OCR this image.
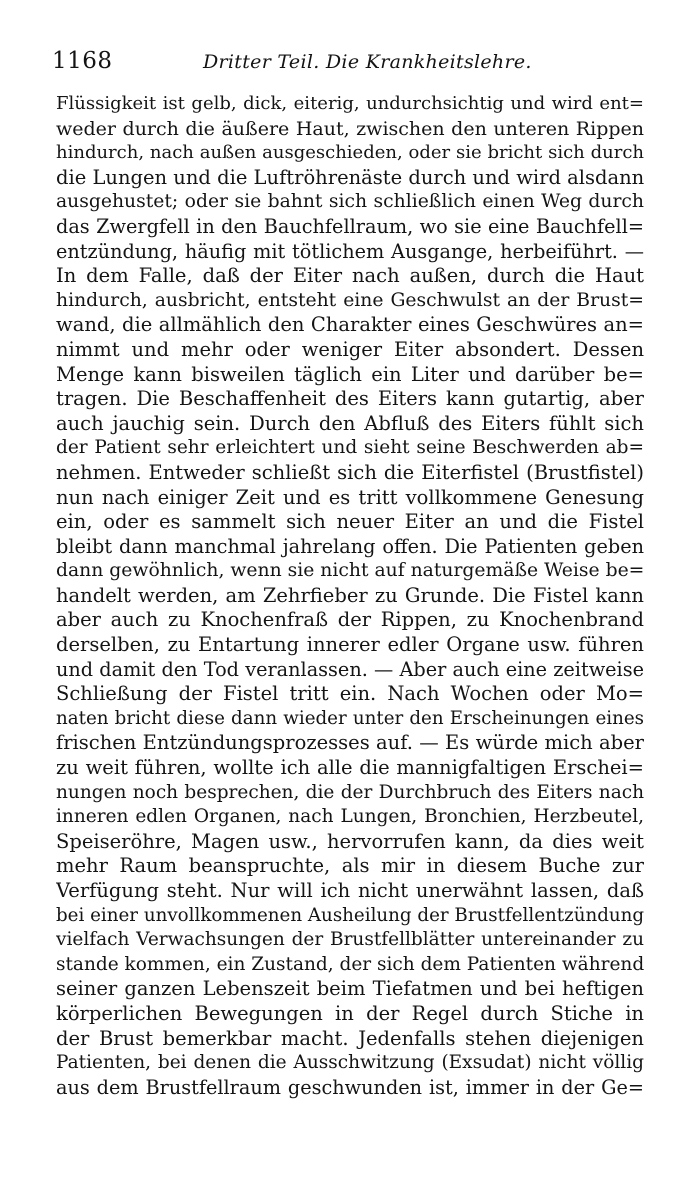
1168	Dritter Teil. Die Krankheitslehre.
Flüssigkeit ist gelb, dick, eiterig, undurchsichtig und wird ent=
weder durch die äußere Haut, zwischen den unteren Rippen
hindurch, nach außen ausgeschieden, oder sie bricht sich durch
die Lungen und die Luftröhrenäste durch und wird alsdann
ausgehustet; oder sie bahnt sich schließlich einen Weg durch
das Zwergfell in den Bauchfellraum, wo sie eine Bauchfell=
entzündung, häufig mit tötlichem Ausgange, herbeiführt. —
In dem Falle, daß der Eiter nach außen, durch die Haut
hindurch, ausbricht, entsteht eine Geschwulst an der Brust=
wand, die allmählich den Charakter eines Geschwüres an=
nimmt und mehr oder weniger Eiter absondert. Dessen
Menge kann bisweilen täglich ein Liter und darüber be=
tragen. Die Beschaffenheit des Eiters kann gutartig, aber
auch jauchig sein. Durch den Abfluß des Eiters fühlt sich
der Patient sehr erleichtert und sieht seine Beschwerden ab=
nehmen. Entweder schließt sich die Eiterfistel (Brustfistel)
nun nach einiger Zeit und es tritt vollkommene Genesung
ein, oder es sammelt sich neuer Eiter an und die Fistel
bleibt dann manchmal jahrelang offen. Die Patienten geben
dann gewöhnlich, wenn sie nicht auf naturgemäße Weise be=
handelt werden, am Zehrfieber zu Grunde. Die Fistel kann
aber auch zu Knochenfraß der Rippen, zu Knochenbrand
derselben, zu Entartung innerer edler Organe usw. führen
und damit den Tod veranlassen. — Aber auch eine zeitweise
Schließung der Fistel tritt ein. Nach Wochen oder Mo=
naten bricht diese dann wieder unter den Erscheinungen eines
frischen Entzündungsprozesses auf. — Es würde mich aber
zu weit führen, wollte ich alle die mannigfaltigen Erschei=
nungen noch besprechen, die der Durchbruch des Eiters nach
inneren edlen Organen, nach Lungen, Bronchien, Herzbeutel,
Speiseröhre, Magen usw., hervorrufen kann, da dies weit
mehr Raum beanspruchte, als mir in diesem Buche zur
Verfügung steht. Nur will ich nicht unerwähnt lassen, daß
bei einer unvollkommenen Ausheilung der Brustfellentzündung
vielfach Verwachsungen der Brustfellblätter untereinander zu
stande kommen, ein Zustand, der sich dem Patienten während
seiner ganzen Lebenszeit beim Tiefatmen und bei heftigen
körperlichen Bewegungen in der Regel durch Stiche in
der Brust bemerkbar macht. Jedenfalls stehen diejenigen
Patienten, bei denen die Ausschwitzung (Exsudat) nicht völlig
aus dem Brustfellraum geschwunden ist, immer in der Ge=
